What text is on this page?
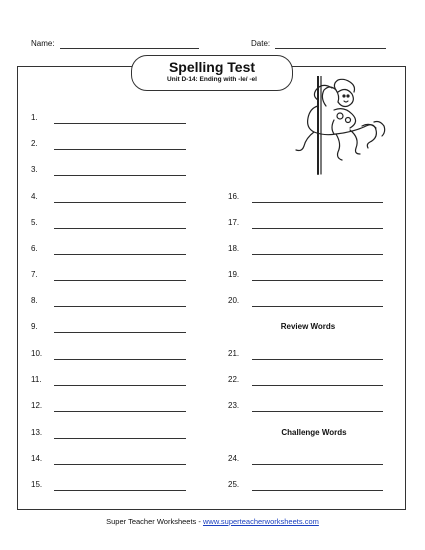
Name:	Date:
Spelling Test
Unit D-14: Ending with -le/ -el
1.
2.
3.
4.
5.
6.
7.
8.
9.
10.
11.
12.
13.
14.
15.
16.
17.
18.
19.
20.
Review Words
21.
22.
23.
Challenge Words
24.
25.
Super Teacher Worksheets - www.superteacherworksheets.com
